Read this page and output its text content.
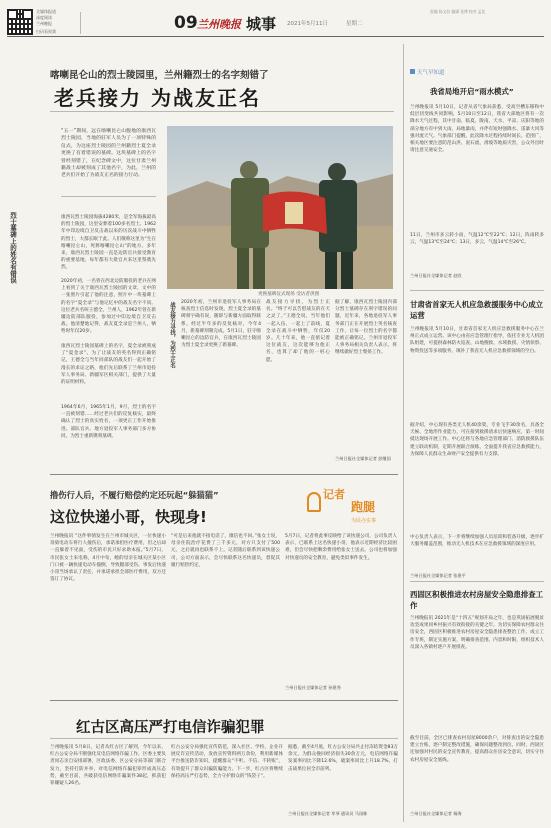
扫码看视频
全媒体报道
深度阅读
兰州晚报	09 兰州晚报 城事 2021年5月11日	星期二
责编 杨文苏 编辑 张博 校对 孟佳
喀喇昆仑山的烈士陵园里，兰州籍烈士的名字刻错了
老兵接力 为战友正名
“五一”期间，远在喀喇昆仑山腹地的康西瓦烈士陵园，当地的驻军人员为了一项特殊的仪式，为这座烈士陵园的兰州籍烈士夏全录更换了有着错误的墓碑。这块墓碑上的名字曾经刻错了，在纪念碑文中，这位甘肃兰州籍战士却被刻成了其他名字，为此，兰州的老兵们开始了为战友正名的接力行动。
烈士墓碑上的姓名有错误	康西瓦烈士陵园海拔4280米，是全军海拔最高的烈士陵园，这里安葬着100多名烈士。1962年中印边境自卫反击战以来的历次战斗中牺牲的烈士，大都长眠于此。人们敬称这里为“生在喀喇昆仑山，死葬喀喇昆仑山”的地方。多年来，康西瓦烈士陵园一直是边防官兵接受教育的重要基地，每年都有大批官兵来这里祭奠先烈。
2020年初，一名曾在西北边防服役的老兵在网上看到了关于康西瓦烈士陵园的文章，文中的一张照片引起了他的注意，照片中一块墓碑上的名字“夏全录”与他记忆中的战友名字不同。这位老兵名叫王德全，兰州人，1962年曾在新疆边防部队服役，参加过中印边境自卫反击战。他清楚地记得，战友夏全录是兰州人，牺牲时年仅20岁。
康西瓦烈士陵园墓碑上的名字，夏全录被刻成了“夏金录”。为了让战友的英名得到正确铭记，王德全与当年同部队的战友们一起开始了漫长的求证之路，他们先后联系了兰州市退役军人事务局、新疆军区相关部门，提供了大量的证明材料。
1964年6月，1965年1月，9月，烈士的名字一直被刻错……经过老兵们的反复核实，最终确认了烈士的真实姓名，一项更正工作开始推进。部队官兵、地方退役军人事务部门多方协同，为烈士重新镌刻墓碑。
更换墓碑仪式现场 受访者供图
战友接力寻找，为烈士正名 2020年初，兰州市退役军人事务局在核查烈士信息时发现，烈士夏全录的墓碑刻字确有误，随即与新疆方面取得联系。经过半年多的反复核对，今年4月，新墓碑刻制完成。5月1日，驻守喀喇昆仑的边防官兵，在康西瓦烈士陵园为烈士夏全录更换了新墓碑。
战友接力寻找，为烈士正名。“终于可以告慰战友的在天之灵了。”王德全说，当年他们一起入伍，一起上了前线，夏全录在战斗中牺牲，年仅20岁。几十年来，他一直惦记着这位战友，这次能够为他正名，也算了却了他的一桩心愿。
据了解，康西瓦烈士陵园内部分烈士墓碑存在刻字错误的问题，近年来，各地退役军人事务部门正在开展烈士英名核查工作，让每一位烈士的名字都能被正确铭记。兰州市退役军人事务局相关负责人表示，将继续做好烈士褒扬工作。
兰州日报社全媒体记者 彭继国
撸伤行人后，不履行赔偿约定还玩起“躲猫猫”
这位快递小哥，快现身!
记者
跑腿
为民办实事
兰州晚报讯 “这件事情发生在兰州市城关区，一位快递小哥骑电动车将行人撞伤后，承诺承担医疗费用，但之后却一直躲着不见面，受伤的市民只好求助本报。”5月7日，市民张女士来电称，4月中旬，她的母亲在城关区某小区门口被一辆快递电动车撞倒，导致腿部受伤。事发后快递小哥当场承认了责任，并承诺承担全部医疗费用，双方还签订了协议。
“可是后来他就不接电话了，微信也不回。”张女士说，母亲住院治疗花费了三千多元，对方只支付了500元，之后就再也联系不上。记者随后联系到该快递公司，公司方面表示，会尽快联系这名快递员，督促其履行赔偿约定。
5月7日，记者将此事反映给了该快递公司，公司负责人表示，已联系上这名快递小哥，他表示近期经济比较困难，但会尽快把剩余费用给张女士送去。公司也将加强对快递员的安全教育，避免类似事件发生。
兰州日报社全媒体记者 孙建秀
红古区高压严打电信诈骗犯罪
兰州晚报讯 5月8日，记者从红古区了解到，今年以来，红古公安分局不断强化反电信网络诈骗工作，区委主要负责同志亲自安排部署，区政法委、区公安分局等部门联合发力，坚持打防并举，对电信网络诈骗犯罪形成高压态势，截至目前，共破获电信网络诈骗案件38起，抓获犯罪嫌疑人26名。
红古公安分局强化宣传防范，深入社区、学校、企业开展反诈宣传活动，发放宣传资料两万余份，利用新媒体平台推送防诈知识，提醒群众“不听、不信、不转账”，有效提升了群众识骗防骗能力。下一步，红古区将继续保持高压严打态势，全力守护群众的“钱袋子”。
据悉，截至4月底，红古公安分局共止付冻结资金83万余元，为群众挽回经济损失30余万元，电信网络诈骗发案率同比下降12.6%，破案率同比上升18.7%，打击战果位居全市前列。
兰州日报社全媒体记者 牟琴 通讯员 马国栋
天气早知道
我省局地开启“雨水模式”
兰州晚报讯 5月10日，记者从省气象局获悉，受高空槽东移和中低层切变线共同影响，5月10日至12日，我省大部地区将有一次降水天气过程，其中甘南、临夏、陇南、天水、平凉、庆阳等地的部分地方有中到大雨，局地暴雨，并伴有短时强降水、雷暴大风等强对流天气。气象部门提醒，此次降水过程持续时间长、范围广，相关地区要注意防范山洪、泥石流、滑坡等地质灾害，公众外出时请注意交通安全。
11日，兰州市多云转小雨，气温12℃至22℃；12日，阵雨转多云，气温13℃至24℃；13日，多云，气温14℃至26℃。
兰州日报社全媒体记者 赵欣
甘肃省首家无人机应急救援服务中心成立运营
兰州晚报讯 5月10日，甘肃省首家无人机应急救援服务中心在兰州正式成立运营。该中心由省应急管理厅指导，依托专业无人机团队组建，可提供森林防火巡查、山地搜救、水域救援、灾情侦察、物资投送等多项服务，填补了我省无人机应急救援领域的空白。
据介绍，中心现有各类无人机40余架，专业飞手30余名，具备全天候、全地形作业能力，可在接到救援请求后快速响应，第一时间抵达现场开展工作。中心还将与各地应急管理部门、消防救援队伍建立联动机制，定期开展联合演练，全面提升我省应急救援能力，为保障人民群众生命财产安全提供有力支撑。
中心负责人表示，下一步将继续加强人员培训和装备升级，逐步扩大服务覆盖范围，推动无人机技术在应急救援领域的深度应用。
兰州日报社全媒体记者 张建平
西固区积极推进农村房屋安全隐患排查工作
兰州晚报讯 2021年是“十四五”规划开局之年，也是巩固拓展脱贫攻坚成果同乡村振兴有效衔接的关键之年。为切实保障农村群众住房安全，西固区积极推进农村房屋安全隐患排查整治工作，成立工作专班，制定实施方案，明确排查范围、内容和时限，组织技术人员深入各镇村逐户开展排查。
截至目前，全区已排查农村房屋8000余户，对排查出的安全隐患建立台账，逐户制定整改措施，确保问题整改到位。同时，西固区还加强对村民的安全宣传教育，提高群众住房安全意识，切实守住农村房屋安全底线。
兰州日报社全媒体记者 杨海
